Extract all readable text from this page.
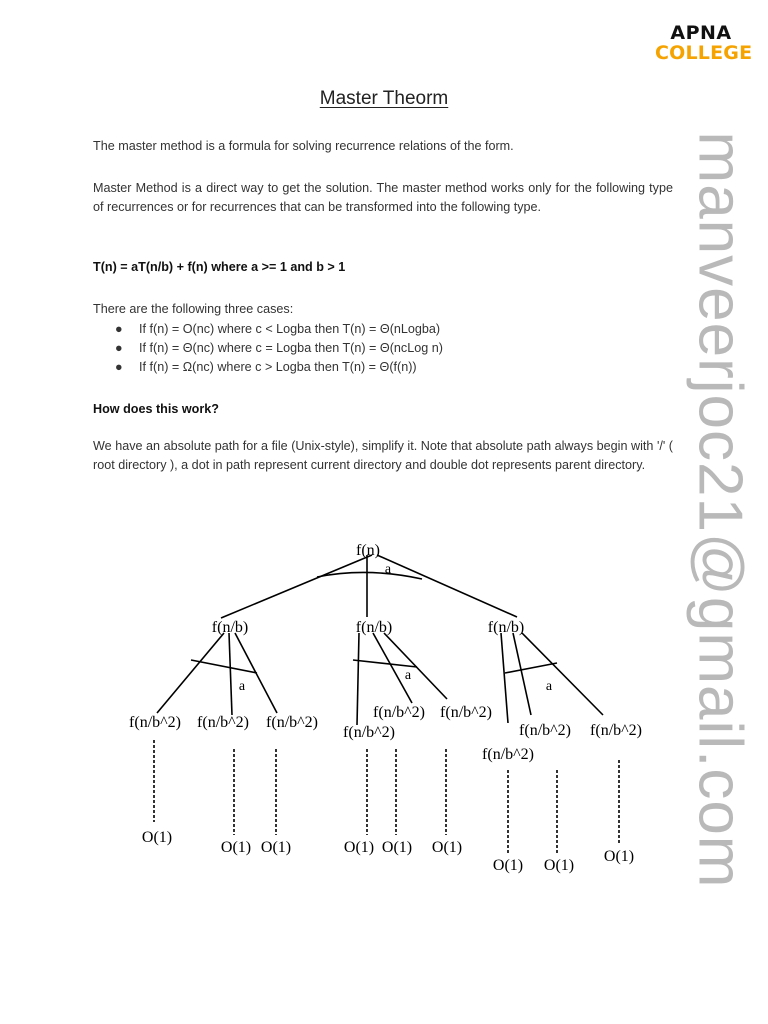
APNA
COLLEGE
manveerjoc21@gmail.com
Master Theorm

The master method is a formula for solving recurrence relations of the form.

Master Method is a direct way to get the solution. The master method works only for the following type of recurrences or for recurrences that can be transformed into the following type.

T(n) = aT(n/b) + f(n) where a >= 1 and b > 1

There are the following three cases:

● If f(n) = O(nc) where c < Logba then T(n) = Θ(nLogba)
● If f(n) = Θ(nc) where c = Logba then T(n) = Θ(ncLog n)
● If f(n) = Ω(nc) where c > Logba then T(n) = Θ(f(n))

How does this work?

We have an absolute path for a file (Unix-style), simplify it. Note that absolute path always begin with '/' ( root directory ), a dot in path represent current directory and double dot represents parent directory.

f(n)
a
a
a
a
f(n/b)	f(n/b)	f(n/b)
f(n/b^2) f(n/b^2) f(n/b^2)
f(n/b^2) f(n/b^2)
f(n/b^2)	f(n/b^2) f(n/b^2)
f(n/b^2)
O(1)
O(1) O(1)	O(1) O(1) O(1)
O(1) O(1)
O(1)
